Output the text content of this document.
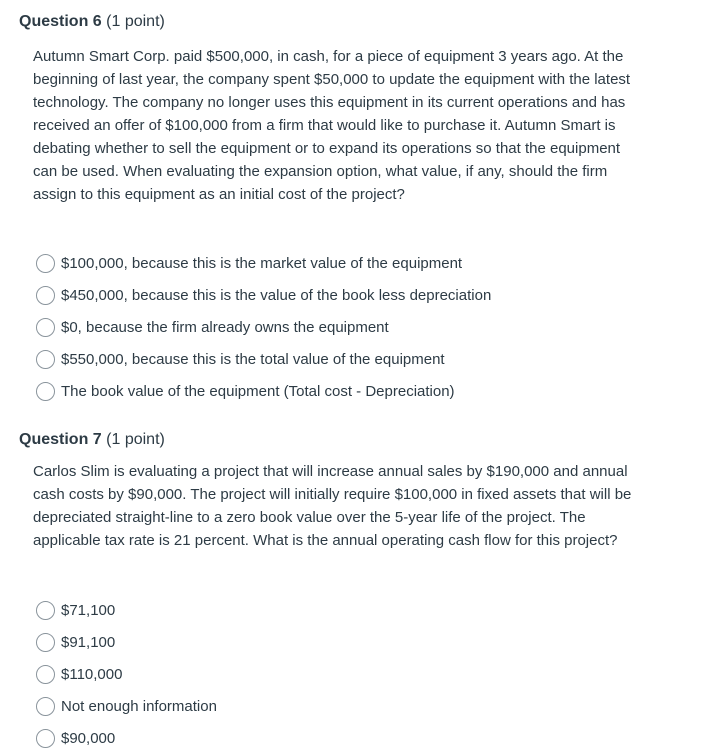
Question 6 (1 point)

Autumn Smart Corp. paid $500,000, in cash, for a piece of equipment 3 years ago. At the beginning of last year, the company spent $50,000 to update the equipment with the latest technology. The company no longer uses this equipment in its current operations and has received an offer of $100,000 from a firm that would like to purchase it. Autumn Smart is debating whether to sell the equipment or to expand its operations so that the equipment can be used. When evaluating the expansion option, what value, if any, should the firm assign to this equipment as an initial cost of the project?

$100,000, because this is the market value of the equipment
$450,000, because this is the value of the book less depreciation
$0, because the firm already owns the equipment
$550,000, because this is the total value of the equipment
The book value of the equipment (Total cost - Depreciation)
Question 7 (1 point)

Carlos Slim is evaluating a project that will increase annual sales by $190,000 and annual cash costs by $90,000. The project will initially require $100,000 in fixed assets that will be depreciated straight-line to a zero book value over the 5-year life of the project. The applicable tax rate is 21 percent. What is the annual operating cash flow for this project?

$71,100
$91,100
$110,000
Not enough information
$90,000
